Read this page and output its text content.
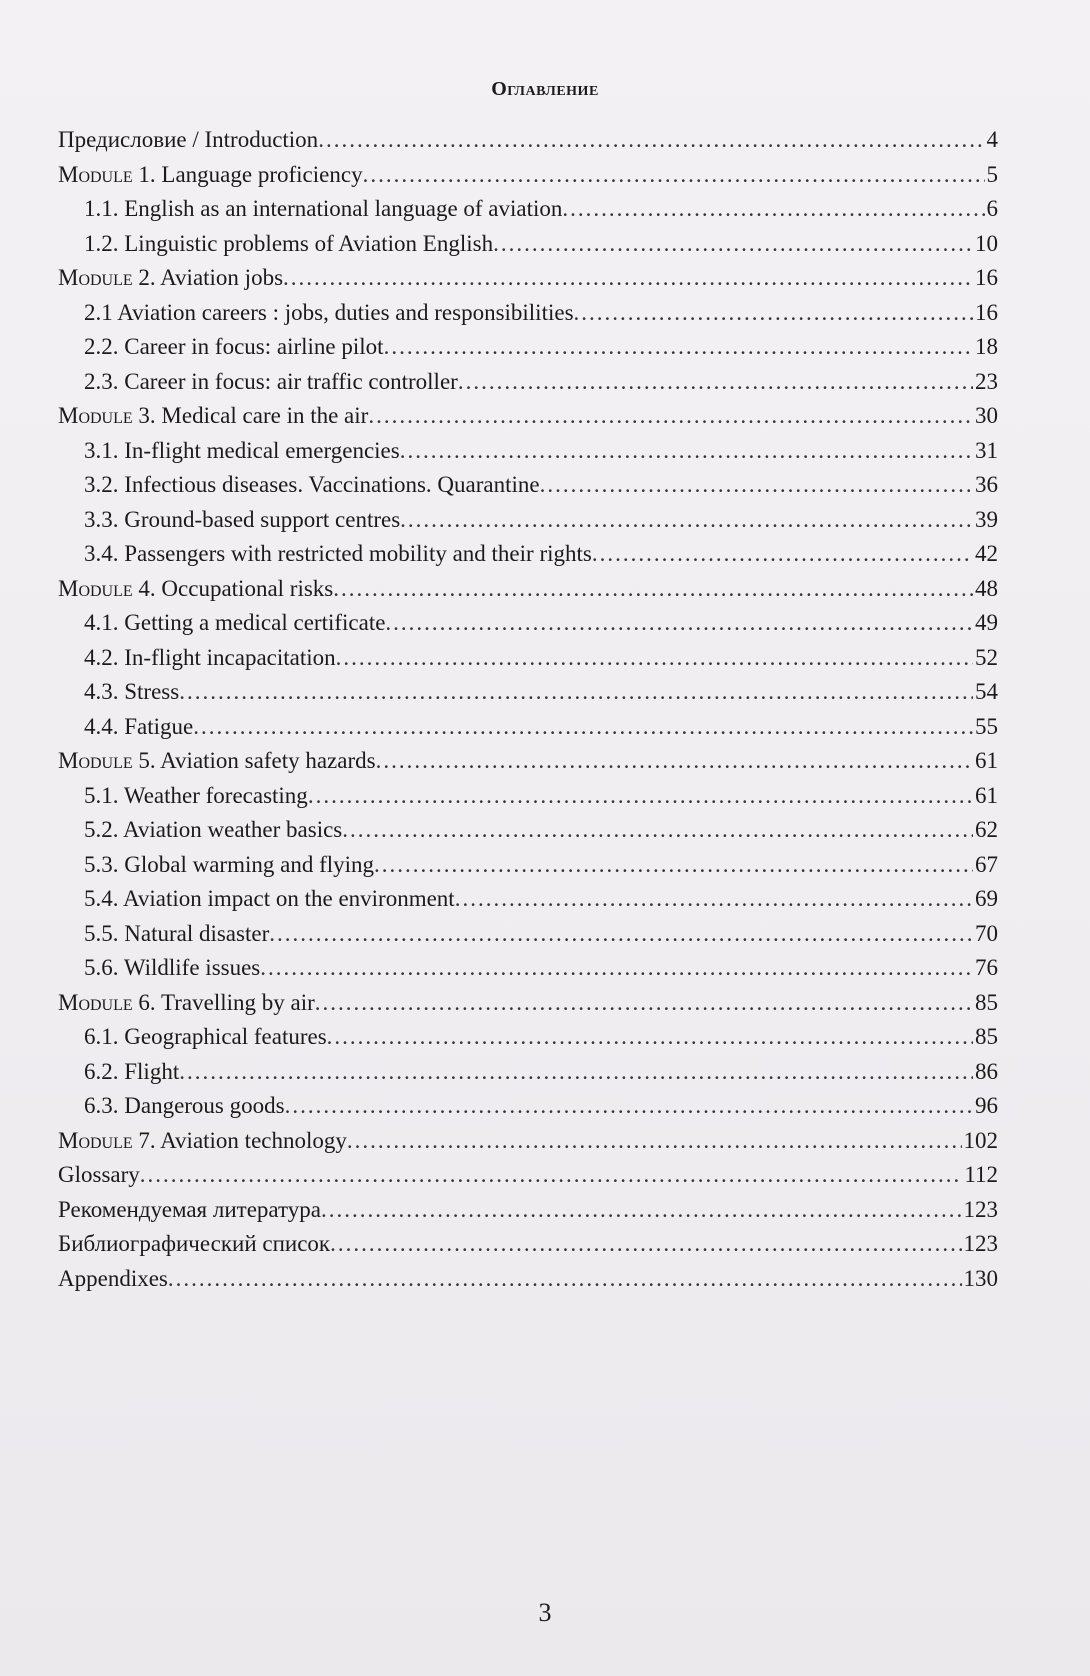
Оглавление
Предисловие / Introduction .....	4
Module 1. Language proficiency .....	5
1.1. English as an international language of aviation .....	6
1.2. Linguistic problems of Aviation English .....	10
Module 2. Aviation jobs .....	16
2.1 Aviation careers : jobs, duties and responsibilities .....	16
2.2. Career in focus: airline pilot .....	18
2.3. Career in focus: air traffic controller .....	23
Module 3. Medical care in the air .....	30
3.1. In-flight medical emergencies .....	31
3.2. Infectious diseases. Vaccinations. Quarantine .....	36
3.3. Ground-based support centres .....	39
3.4. Passengers with restricted mobility and their rights .....	42
Module 4. Occupational risks .....	48
4.1. Getting a medical certificate .....	49
4.2. In-flight incapacitation .....	52
4.3. Stress .....	54
4.4. Fatigue .....	55
Module 5. Aviation safety hazards .....	61
5.1. Weather forecasting .....	61
5.2. Aviation weather basics .....	62
5.3. Global warming and flying .....	67
5.4. Aviation impact on the environment .....	69
5.5. Natural disaster .....	70
5.6. Wildlife issues .....	76
Module 6. Travelling by air .....	85
6.1. Geographical features .....	85
6.2. Flight .....	86
6.3. Dangerous goods .....	96
Module 7. Aviation technology .....	102
Glossary .....	112
Рекомендуемая литература .....	123
Библиографический список .....	123
Appendixes .....	130
3
